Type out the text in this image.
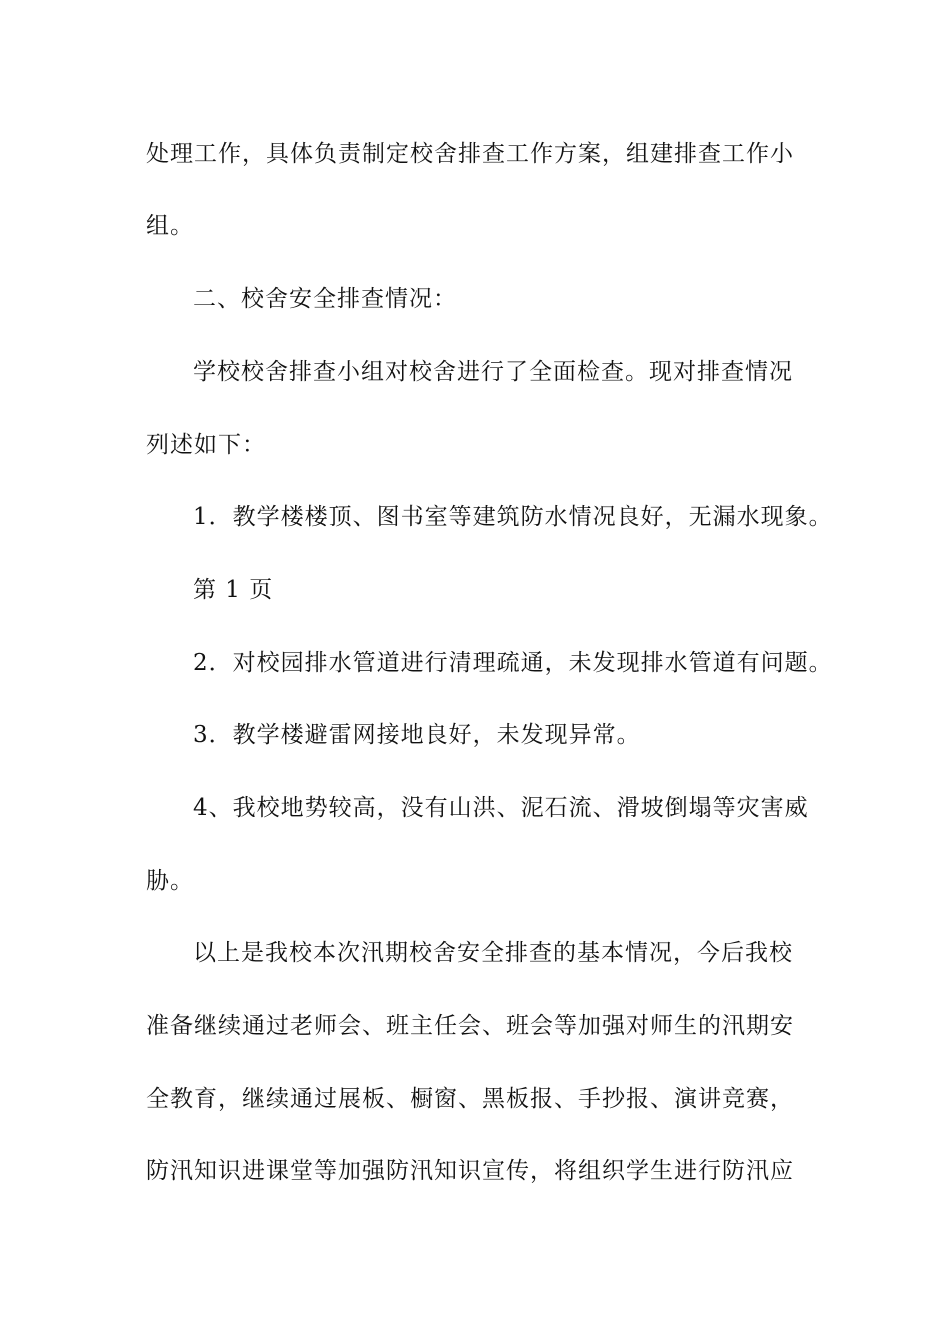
处理工作，具体负责制定校舍排查工作方案，组建排查工作小
组。
二、校舍安全排查情况：
学校校舍排查小组对校舍进行了全面检查。现对排查情况
列述如下：
1．教学楼楼顶、图书室等建筑防水情况良好，无漏水现象。
第 1 页
2．对校园排水管道进行清理疏通，未发现排水管道有问题。
3．教学楼避雷网接地良好，未发现异常。
4、我校地势较高，没有山洪、泥石流、滑坡倒塌等灾害威
胁。
以上是我校本次汛期校舍安全排查的基本情况，今后我校
准备继续通过老师会、班主任会、班会等加强对师生的汛期安
全教育，继续通过展板、橱窗、黑板报、手抄报、演讲竞赛，
防汛知识进课堂等加强防汛知识宣传，将组织学生进行防汛应
